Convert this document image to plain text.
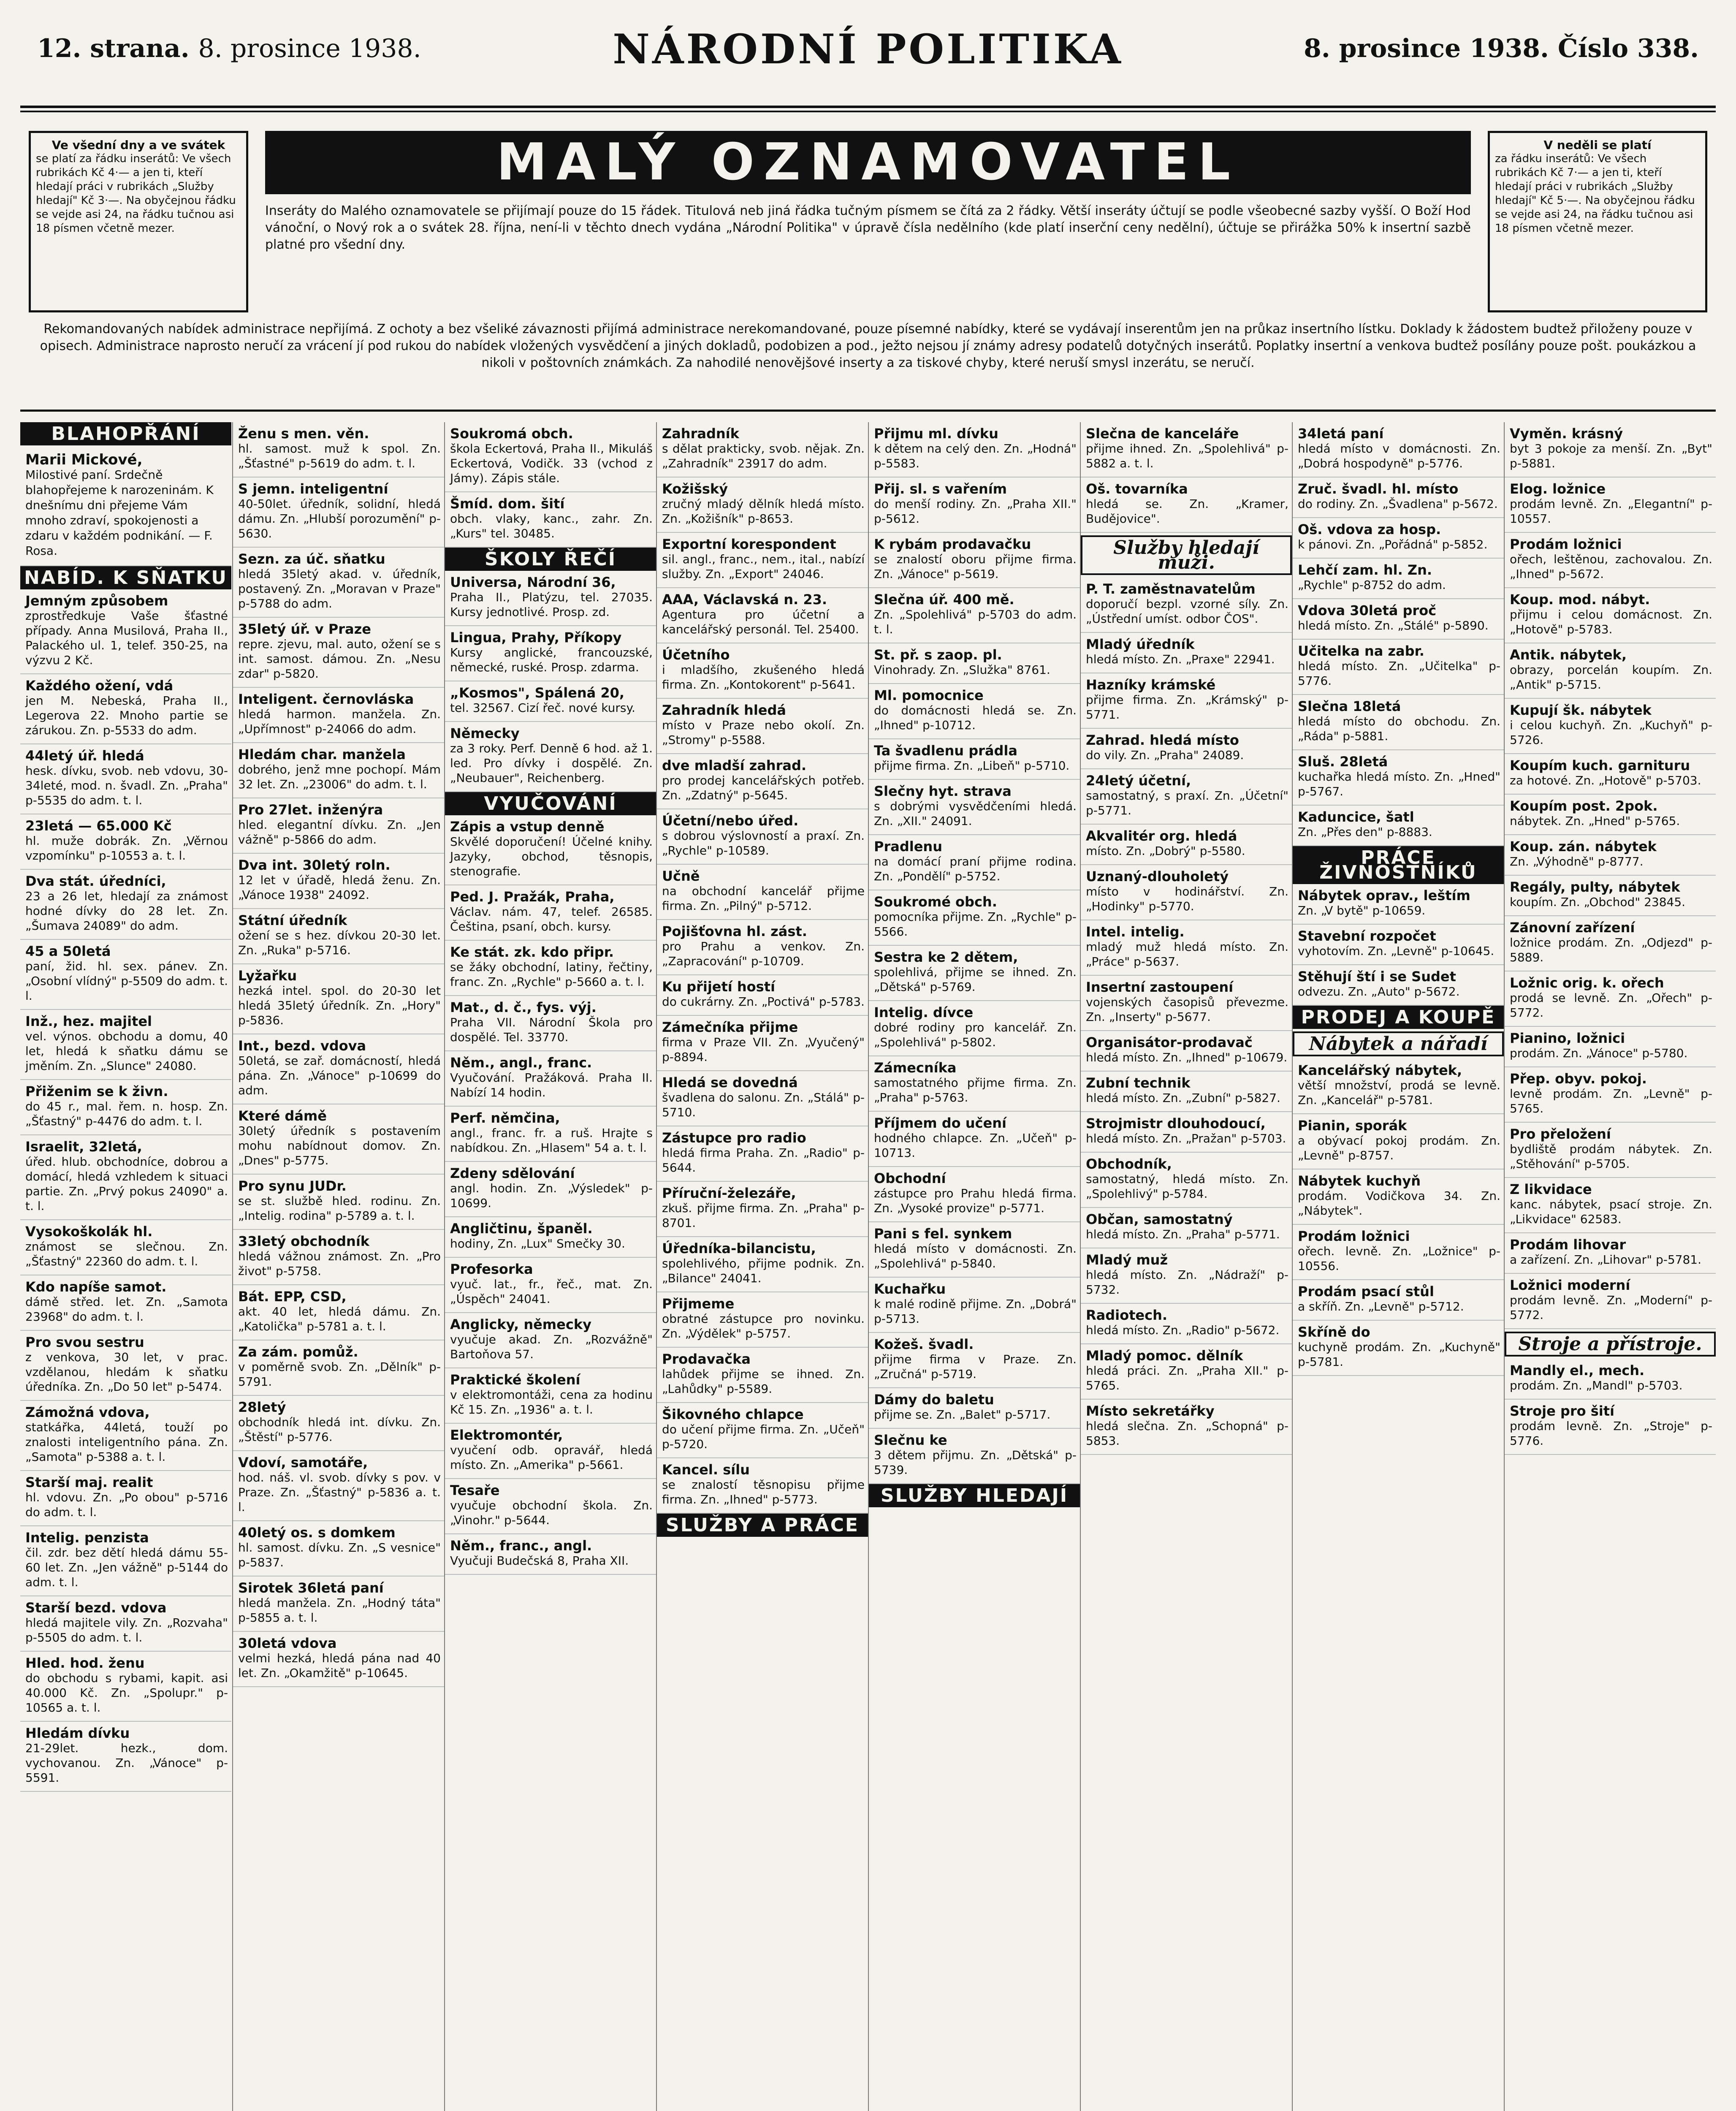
12. strana. 8. prosince 1938.	NÁRODNÍ POLITIKA	8. prosince 1938. Číslo 338.
Ve všední dny a ve svátek
se platí za řádku inserátů: Ve všech rubrikách Kč 4·— a jen ti, kteří hledají práci v rubrikách „Služby hledají" Kč 3·—. Na obyčejnou řádku se vejde asi 24, na řádku tučnou asi 18 písmen včetně mezer.
MALÝ OZNAMOVATEL	V neděli se platí
za řádku inserátů: Ve všech rubrikách Kč 7·— a jen ti, kteří hledají práci v rubrikách „Služby hledají" Kč 5·—. Na obyčejnou řádku se vejde asi 24, na řádku tučnou asi 18 písmen včetně mezer.
Inseráty do Malého oznamovatele se přijímají pouze do 15 řádek. Titulová neb jiná řádka tučným písmem se čítá za 2 řádky. Větší inseráty účtují se podle všeobecné sazby vyšší. O Boží Hod vánoční, o Nový rok a o svátek 28. října, není-li v těchto dnech vydána „Národní Politika" v úpravě čísla nedělního (kde platí inserční ceny nedělní), účtuje se přirážka 50% k insertní sazbě platné pro všední dny.
Rekomandovaných nabídek administrace nepřijímá. Z ochoty a bez všeliké závaznosti přijímá administrace nerekomandované, pouze písemné nabídky, které se vydávají inserentům jen na průkaz insertního lístku. Doklady k žádostem budtež přiloženy pouze v opisech. Administrace naprosto neručí za vrácení jí pod rukou do nabídek vložených vysvědčení a jiných dokladů, podobizen a pod., ježto nejsou jí známy adresy podatelů dotyčných inserátů. Poplatky insertní a venkova budtež posílány pouze pošt. poukázkou a nikoli v poštovních známkách. Za nahodilé nenovějšové inserty a za tiskové chyby, které neruší smysl inzerátu, se neručí.
BLAHOPŘÁNÍ
Marii Mickové,
Milostivé paní. Srdečně blahopřejeme k narozeninám. K dnešnímu dni přejeme Vám mnoho zdraví, spokojenosti a zdaru v každém podnikání. — F. Rosa.
NABÍD. K SŇATKU
Jemným způsobem
zprostředkuje Vaše šťastné případy. Anna Musilová, Praha II., Palackého ul. 1, telef. 350-25, na výzvu 2 Kč.
Každého ožení, vdá
jen M. Nebeská, Praha II., Legerova 22. Mnoho partie se zárukou. Zn. p-5533 do adm.
44letý úř. hledá
hesk. dívku, svob. neb vdovu, 30-34leté, mod. n. švadl. Zn. „Praha" p-5535 do adm. t. l.
23letá — 65.000 Kč
hl. muže dobrák. Zn. „Věrnou vzpomínku" p-10553 a. t. l.
Dva stát. úředníci,
23 a 26 let, hledají za známost hodné dívky do 28 let. Zn. „Šumava 24089" do adm.
45 a 50letá
paní, žid. hl. sex. pánev. Zn. „Osobní vlídný" p-5509 do adm. t. l.
Inž., hez. majitel
vel. výnos. obchodu a domu, 40 let, hledá k sňatku dámu se jměním. Zn. „Slunce" 24080.
Přiženim se k živn.
do 45 r., mal. řem. n. hosp. Zn. „Šťastný" p-4476 do adm. t. l.
Israelit, 32letá,
úřed. hlub. obchodníce, dobrou a domácí, hledá vzhledem k situaci partie. Zn. „Prvý pokus 24090" a. t. l.
Vysokoškolák hl.
známost se slečnou. Zn. „Šťastný" 22360 do adm. t. l.
Kdo napíše samot.
dámě střed. let. Zn. „Samota 23968" do adm. t. l.
Pro svou sestru
z venkova, 30 let, v prac. vzdělanou, hledám k sňatku úředníka. Zn. „Do 50 let" p-5474.
Zámožná vdova,
statkářka, 44letá, touží po znalosti inteligentního pána. Zn. „Samota" p-5388 a. t. l.
Starší maj. realit
hl. vdovu. Zn. „Po obou" p-5716 do adm. t. l.
Intelig. penzista
čil. zdr. bez dětí hledá dámu 55-60 let. Zn. „Jen vážně" p-5144 do adm. t. l.
Starší bezd. vdova
hledá majitele vily. Zn. „Rozvaha" p-5505 do adm. t. l.
Hled. hod. ženu
do obchodu s rybami, kapit. asi 40.000 Kč. Zn. „Spolupr." p-10565 a. t. l.
Hledám dívku
21-29let. hezk., dom. vychovanou. Zn. „Vánoce" p-5591.
Ženu s men. věn.
hl. samost. muž k spol. Zn. „Šťastné" p-5619 do adm. t. l.
S jemn. inteligentní
40-50let. úředník, solidní, hledá dámu. Zn. „Hlubší porozumění" p-5630.
Sezn. za úč. sňatku
hledá 35letý akad. v. úředník, postavený. Zn. „Moravan v Praze" p-5788 do adm.
35letý úř. v Praze
repre. zjevu, mal. auto, ožení se s int. samost. dámou. Zn. „Nesu zdar" p-5820.
Inteligent. černovláska
hledá harmon. manžela. Zn. „Upřímnost" p-24066 do adm.
Hledám char. manžela
dobrého, jenž mne pochopí. Mám 32 let. Zn. „23006" do adm. t. l.
Pro 27let. inženýra
hled. elegantní dívku. Zn. „Jen vážně" p-5866 do adm.
Dva int. 30letý roln.
12 let v úřadě, hledá ženu. Zn. „Vánoce 1938" 24092.
Státní úředník
ožení se s hez. dívkou 20-30 let. Zn. „Ruka" p-5716.
Lyžařku
hezká intel. spol. do 20-30 let hledá 35letý úředník. Zn. „Hory" p-5836.
Int., bezd. vdova
50letá, se zař. domácností, hledá pána. Zn. „Vánoce" p-10699 do adm.
Které dámě
30letý úředník s postavením mohu nabídnout domov. Zn. „Dnes" p-5775.
Pro synu JUDr.
se st. službě hled. rodinu. Zn. „Intelig. rodina" p-5789 a. t. l.
33letý obchodník
hledá vážnou známost. Zn. „Pro život" p-5758.
Bát. EPP, CSD,
akt. 40 let, hledá dámu. Zn. „Katolička" p-5781 a. t. l.
Za zám. pomůž.
v poměrně svob. Zn. „Dělník" p-5791.
28letý
obchodník hledá int. dívku. Zn. „Štěstí" p-5776.
Vdoví, samotáře,
hod. náš. vl. svob. dívky s pov. v Praze. Zn. „Šťastný" p-5836 a. t. l.
40letý os. s domkem
hl. samost. dívku. Zn. „S vesnice" p-5837.
Sirotek 36letá paní
hledá manžela. Zn. „Hodný táta" p-5855 a. t. l.
30letá vdova
velmi hezká, hledá pána nad 40 let. Zn. „Okamžitě" p-10645.
Soukromá obch.
škola Eckertová, Praha II., Mikuláš Eckertová, Vodičk. 33 (vchod z Jámy). Zápis stále.
Šmíd. dom. šití
obch. vlaky, kanc., zahr. Zn. „Kurs" tel. 30485.
ŠKOLY ŘEČÍ
Universa, Národní 36,
Praha II., Platýzu, tel. 27035. Kursy jednotlivé. Prosp. zd.
Lingua, Prahy, Příkopy
Kursy anglické, francouzské, německé, ruské. Prosp. zdarma.
„Kosmos", Spálená 20,
tel. 32567. Cizí řeč. nové kursy.
Německy
za 3 roky. Perf. Denně 6 hod. až 1. led. Pro dívky i dospělé. Zn. „Neubauer", Reichenberg.
VYUČOVÁNÍ
Zápis a vstup denně
Skvělé doporučení! Účelné knihy. Jazyky, obchod, těsnopis, stenografie.
Ped. J. Pražák, Praha,
Václav. nám. 47, telef. 26585. Čeština, psaní, obch. kursy.
Ke stát. zk. kdo připr.
se žáky obchodní, latiny, řečtiny, franc. Zn. „Rychle" p-5660 a. t. l.
Mat., d. č., fys. výj.
Praha VII. Národní Škola pro dospělé. Tel. 33770.
Něm., angl., franc.
Vyučování. Pražáková. Praha II. Nabízí 14 hodin.
Perf. němčina,
angl., franc. fr. a ruš. Hrajte s nabídkou. Zn. „Hlasem" 54 a. t. l.
Zdeny sdělování
angl. hodin. Zn. „Výsledek" p-10699.
Angličtinu, španěl.
hodiny, Zn. „Lux" Smečky 30.
Profesorka
vyuč. lat., fr., řeč., mat. Zn. „Úspěch" 24041.
Anglicky, německy
vyučuje akad. Zn. „Rozvážně" Bartoňova 57.
Praktické školení
v elektromontáži, cena za hodinu Kč 15. Zn. „1936" a. t. l.
Elektromontér,
vyučení odb. opravář, hledá místo. Zn. „Amerika" p-5661.
Tesaře
vyučuje obchodní škola. Zn. „Vinohr." p-5644.
Něm., franc., angl.
Vyučuji Budečská 8, Praha XII.
Zahradník
s dělat prakticky, svob. nějak. Zn. „Zahradník" 23917 do adm.
Kožišský
zručný mladý dělník hledá místo. Zn. „Kožišník" p-8653.
Exportní korespondent
sil. angl., franc., nem., ital., nabízí služby. Zn. „Export" 24046.
AAA, Václavská n. 23.
Agentura pro účetní a kancelářský personál. Tel. 25400.
Účetního
i mladšího, zkušeného hledá firma. Zn. „Kontokorent" p-5641.
Zahradník hledá
místo v Praze nebo okolí. Zn. „Stromy" p-5588.
dve mladší zahrad.
pro prodej kancelářských potřeb. Zn. „Zdatný" p-5645.
Účetní/nebo úřed.
s dobrou výslovností a praxí. Zn. „Rychle" p-10589.
Učně
na obchodní kancelář přijme firma. Zn. „Pilný" p-5712.
Pojišťovna hl. zást.
pro Prahu a venkov. Zn. „Zapracování" p-10709.
Ku přijetí hostí
do cukrárny. Zn. „Poctivá" p-5783.
Zámečníka přijme
firma v Praze VII. Zn. „Vyučený" p-8894.
Hledá se dovedná
švadlena do salonu. Zn. „Stálá" p-5710.
Zástupce pro radio
hledá firma Praha. Zn. „Radio" p-5644.
Příruční-železáře,
zkuš. přijme firma. Zn. „Praha" p-8701.
Úředníka-bilancistu,
spolehlivého, přijme podnik. Zn. „Bilance" 24041.
Přijmeme
obratné zástupce pro novinku. Zn. „Výdělek" p-5757.
Prodavačka
lahůdek přijme se ihned. Zn. „Lahůdky" p-5589.
Šikovného chlapce
do učení přijme firma. Zn. „Učeň" p-5720.
Kancel. sílu
se znalostí těsnopisu přijme firma. Zn. „Ihned" p-5773.
SLUŽBY A PRÁCE
Přijmu ml. dívku
k dětem na celý den. Zn. „Hodná" p-5583.
Přij. sl. s vařením
do menší rodiny. Zn. „Praha XII." p-5612.
K rybám prodavačku
se znalostí oboru přijme firma. Zn. „Vánoce" p-5619.
Slečna úř. 400 mě.
Zn. „Spolehlivá" p-5703 do adm. t. l.
St. př. s zaop. pl.
Vinohrady. Zn. „Služka" 8761.
Ml. pomocnice
do domácnosti hledá se. Zn. „Ihned" p-10712.
Ta švadlenu prádla
přijme firma. Zn. „Libeň" p-5710.
Slečny hyt. strava
s dobrými vysvědčeními hledá. Zn. „XII." 24091.
Pradlenu
na domácí praní přijme rodina. Zn. „Pondělí" p-5752.
Soukromé obch.
pomocníka přijme. Zn. „Rychle" p-5566.
Sestra ke 2 dětem,
spolehlivá, přijme se ihned. Zn. „Dětská" p-5769.
Intelig. dívce
dobré rodiny pro kancelář. Zn. „Spolehlivá" p-5802.
Zámecníka
samostatného přijme firma. Zn. „Praha" p-5763.
Příjmem do učení
hodného chlapce. Zn. „Učeň" p-10713.
Obchodní
zástupce pro Prahu hledá firma. Zn. „Vysoké provize" p-5771.
Pani s fel. synkem
hledá místo v domácnosti. Zn. „Spolehlivá" p-5840.
Kuchařku
k malé rodině přijme. Zn. „Dobrá" p-5713.
Kožeš. švadl.
přijme firma v Praze. Zn. „Zručná" p-5719.
Dámy do baletu
přijme se. Zn. „Balet" p-5717.
Slečnu ke
3 dětem přijmu. Zn. „Dětská" p-5739.
SLUŽBY HLEDAJÍ
Slečna de kanceláře
přijme ihned. Zn. „Spolehlivá" p-5882 a. t. l.
Oš. tovarníka
hledá se. Zn. „Kramer, Budějovice".
Služby hledají muži.
P. T. zaměstnavatelům
doporučí bezpl. vzorné síly. Zn. „Ústřední umíst. odbor ČOS".
Mladý úředník
hledá místo. Zn. „Praxe" 22941.
Hazníky krámské
přijme firma. Zn. „Krámský" p-5771.
Zahrad. hledá místo
do vily. Zn. „Praha" 24089.
24letý účetní,
samostatný, s praxí. Zn. „Účetní" p-5771.
Akvalitér org. hledá
místo. Zn. „Dobrý" p-5580.
Uznaný-dlouholetý
místo v hodinářství. Zn. „Hodinky" p-5770.
Intel. intelig.
mladý muž hledá místo. Zn. „Práce" p-5637.
Insertní zastoupení
vojenských časopisů převezme. Zn. „Inserty" p-5677.
Organisátor-prodavač
hledá místo. Zn. „Ihned" p-10679.
Zubní technik
hledá místo. Zn. „Zubní" p-5827.
Strojmistr dlouhodoucí,
hledá místo. Zn. „Pražan" p-5703.
Obchodník,
samostatný, hledá místo. Zn. „Spolehlivý" p-5784.
Občan, samostatný
hledá místo. Zn. „Praha" p-5771.
Mladý muž
hledá místo. Zn. „Nádraží" p-5732.
Radiotech.
hledá místo. Zn. „Radio" p-5672.
Mladý pomoc. dělník
hledá práci. Zn. „Praha XII." p-5765.
Místo sekretářky
hledá slečna. Zn. „Schopná" p-5853.
34letá paní
hledá místo v domácnosti. Zn. „Dobrá hospodyně" p-5776.
Zruč. švadl. hl. místo
do rodiny. Zn. „Švadlena" p-5672.
Oš. vdova za hosp.
k pánovi. Zn. „Pořádná" p-5852.
Lehčí zam. hl. Zn.
„Rychle" p-8752 do adm.
Vdova 30letá proč
hledá místo. Zn. „Stálé" p-5890.
Učitelka na zabr.
hledá místo. Zn. „Učitelka" p-5776.
Slečna 18letá
hledá místo do obchodu. Zn. „Ráda" p-5881.
Sluš. 28letá
kuchařka hledá místo. Zn. „Hned" p-5767.
Kaduncice, šatl
Zn. „Přes den" p-8883.
PRÁCE ŽIVNOSTNÍKŮ
Nábytek oprav., leštím
Zn. „V bytě" p-10659.
Stavební rozpočet
vyhotovím. Zn. „Levně" p-10645.
Stěhují ští i se Sudet
odvezu. Zn. „Auto" p-5672.
PRODEJ A KOUPĚ
Nábytek a nářadí
Kancelářský nábytek,
větší množství, prodá se levně. Zn. „Kancelář" p-5781.
Pianin, sporák
a obývací pokoj prodám. Zn. „Levně" p-8757.
Nábytek kuchyň
prodám. Vodičkova 34. Zn. „Nábytek".
Prodám ložnici
ořech. levně. Zn. „Ložnice" p-10556.
Prodám psací stůl
a skříň. Zn. „Levně" p-5712.
Skříně do
kuchyně prodám. Zn. „Kuchyně" p-5781.
Vyměn. krásný
byt 3 pokoje za menší. Zn. „Byt" p-5881.
Elog. ložnice
prodám levně. Zn. „Elegantní" p-10557.
Prodám ložnici
ořech, leštěnou, zachovalou. Zn. „Ihned" p-5672.
Koup. mod. nábyt.
přijmu i celou domácnost. Zn. „Hotově" p-5783.
Antik. nábytek,
obrazy, porcelán koupím. Zn. „Antik" p-5715.
Kupují šk. nábytek
i celou kuchyň. Zn. „Kuchyň" p-5726.
Koupím kuch. garnituru
za hotové. Zn. „Hotově" p-5703.
Koupím post. 2pok.
nábytek. Zn. „Hned" p-5765.
Koup. zán. nábytek
Zn. „Výhodně" p-8777.
Regály, pulty, nábytek
koupím. Zn. „Obchod" 23845.
Zánovní zařízení
ložnice prodám. Zn. „Odjezd" p-5889.
Ložnic orig. k. ořech
prodá se levně. Zn. „Ořech" p-5772.
Pianino, ložnici
prodám. Zn. „Vánoce" p-5780.
Přep. obyv. pokoj.
levně prodám. Zn. „Levně" p-5765.
Pro přeložení
bydliště prodám nábytek. Zn. „Stěhování" p-5705.
Z likvidace
kanc. nábytek, psací stroje. Zn. „Likvidace" 62583.
Prodám lihovar
a zařízení. Zn. „Lihovar" p-5781.
Ložnici moderní
prodám levně. Zn. „Moderní" p-5772.
Stroje a přístroje.
Mandly el., mech.
prodám. Zn. „Mandl" p-5703.
Stroje pro šití
prodám levně. Zn. „Stroje" p-5776.
